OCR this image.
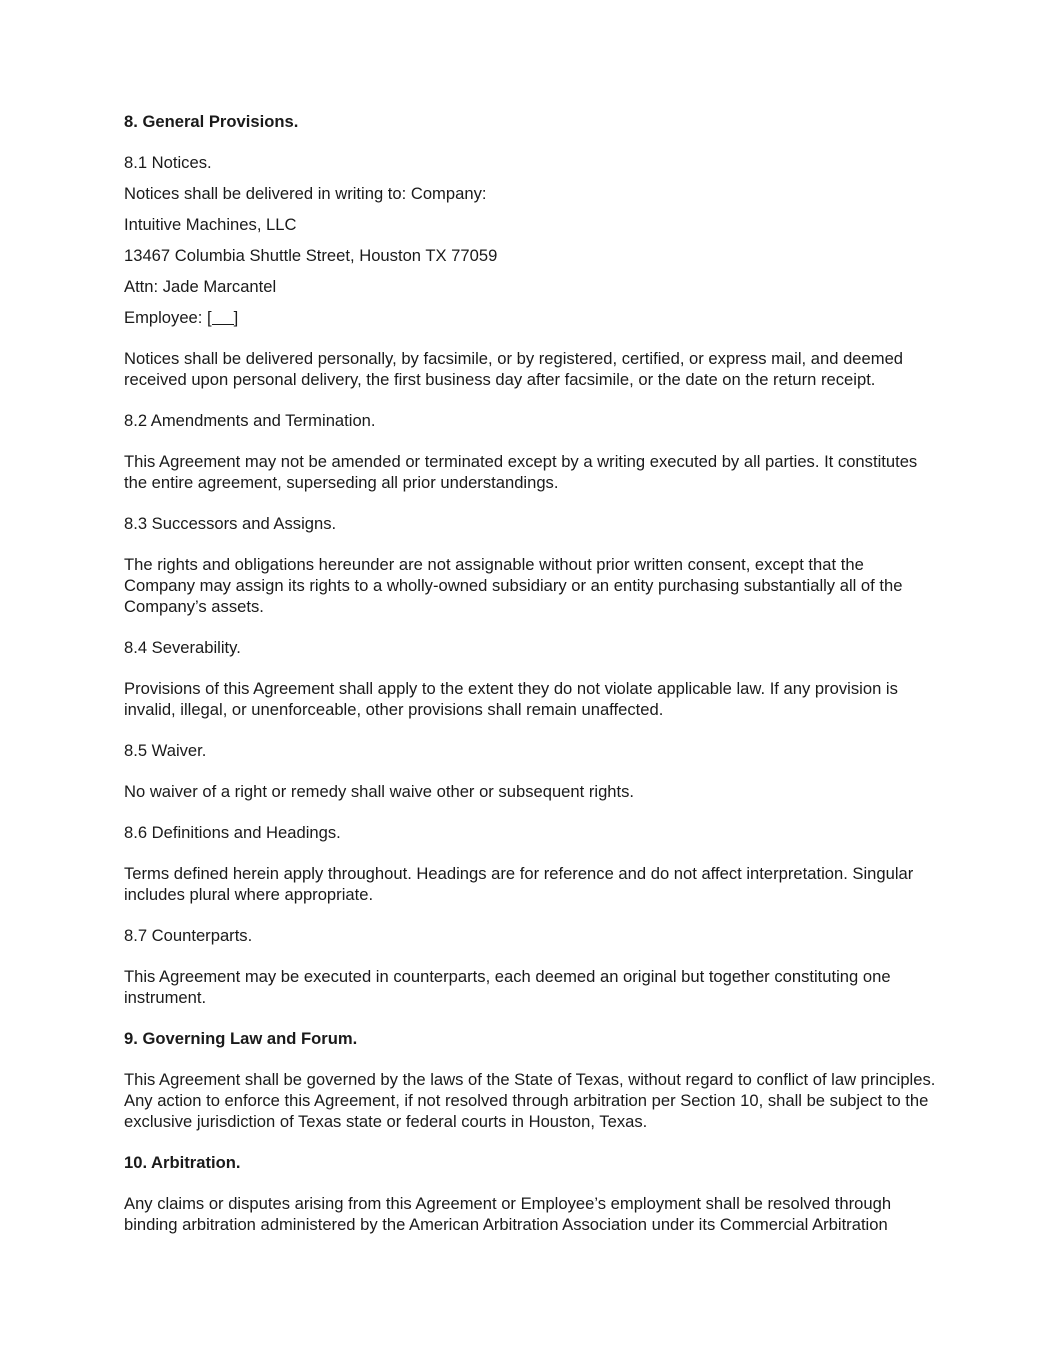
8. General Provisions.

8.1 Notices.

Notices shall be delivered in writing to: Company:

Intuitive Machines, LLC

13467 Columbia Shuttle Street, Houston TX 77059

Attn: Jade Marcantel

Employee: [ ]

Notices shall be delivered personally, by facsimile, or by registered, certified, or express mail, and deemed received upon personal delivery, the first business day after facsimile, or the date on the return receipt.

8.2 Amendments and Termination.

This Agreement may not be amended or terminated except by a writing executed by all parties. It constitutes the entire agreement, superseding all prior understandings.

8.3 Successors and Assigns.

The rights and obligations hereunder are not assignable without prior written consent, except that the Company may assign its rights to a wholly-owned subsidiary or an entity purchasing substantially all of the Company’s assets.

8.4 Severability.

Provisions of this Agreement shall apply to the extent they do not violate applicable law. If any provision is invalid, illegal, or unenforceable, other provisions shall remain unaffected.

8.5 Waiver.

No waiver of a right or remedy shall waive other or subsequent rights.

8.6 Definitions and Headings.

Terms defined herein apply throughout. Headings are for reference and do not affect interpretation. Singular includes plural where appropriate.

8.7 Counterparts.

This Agreement may be executed in counterparts, each deemed an original but together constituting one instrument.

9. Governing Law and Forum.

This Agreement shall be governed by the laws of the State of Texas, without regard to conflict of law principles. Any action to enforce this Agreement, if not resolved through arbitration per Section 10, shall be subject to the exclusive jurisdiction of Texas state or federal courts in Houston, Texas.

10. Arbitration.

Any claims or disputes arising from this Agreement or Employee’s employment shall be resolved through binding arbitration administered by the American Arbitration Association under its Commercial Arbitration
